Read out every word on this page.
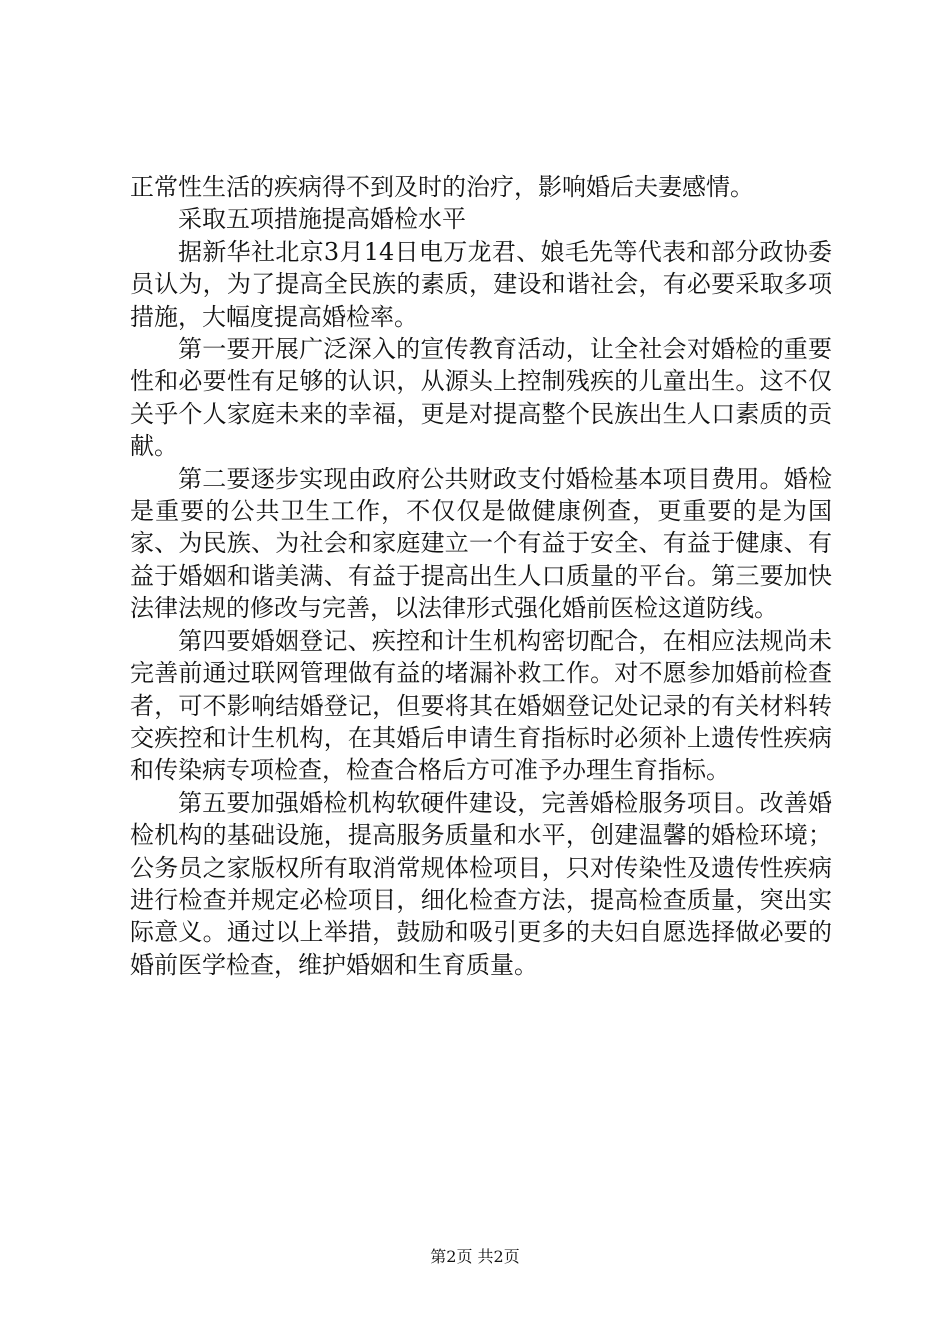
正常性生活的疾病得不到及时的治疗，影响婚后夫妻感情。

采取五项措施提高婚检水平

据新华社北京3月14日电万龙君、娘毛先等代表和部分政协委员认为，为了提高全民族的素质，建设和谐社会，有必要采取多项措施，大幅度提高婚检率。

第一要开展广泛深入的宣传教育活动，让全社会对婚检的重要性和必要性有足够的认识，从源头上控制残疾的儿童出生。这不仅关乎个人家庭未来的幸福，更是对提高整个民族出生人口素质的贡献。

第二要逐步实现由政府公共财政支付婚检基本项目费用。婚检是重要的公共卫生工作，不仅仅是做健康例查，更重要的是为国家、为民族、为社会和家庭建立一个有益于安全、有益于健康、有益于婚姻和谐美满、有益于提高出生人口质量的平台。第三要加快法律法规的修改与完善，以法律形式强化婚前医检这道防线。

第四要婚姻登记、疾控和计生机构密切配合，在相应法规尚未完善前通过联网管理做有益的堵漏补救工作。对不愿参加婚前检查者，可不影响结婚登记，但要将其在婚姻登记处记录的有关材料转交疾控和计生机构，在其婚后申请生育指标时必须补上遗传性疾病和传染病专项检查，检查合格后方可准予办理生育指标。

第五要加强婚检机构软硬件建设，完善婚检服务项目。改善婚检机构的基础设施，提高服务质量和水平，创建温馨的婚检环境；公务员之家版权所有取消常规体检项目，只对传染性及遗传性疾病进行检查并规定必检项目，细化检查方法，提高检查质量，突出实际意义。通过以上举措，鼓励和吸引更多的夫妇自愿选择做必要的婚前医学检查，维护婚姻和生育质量。

第2页 共2页
